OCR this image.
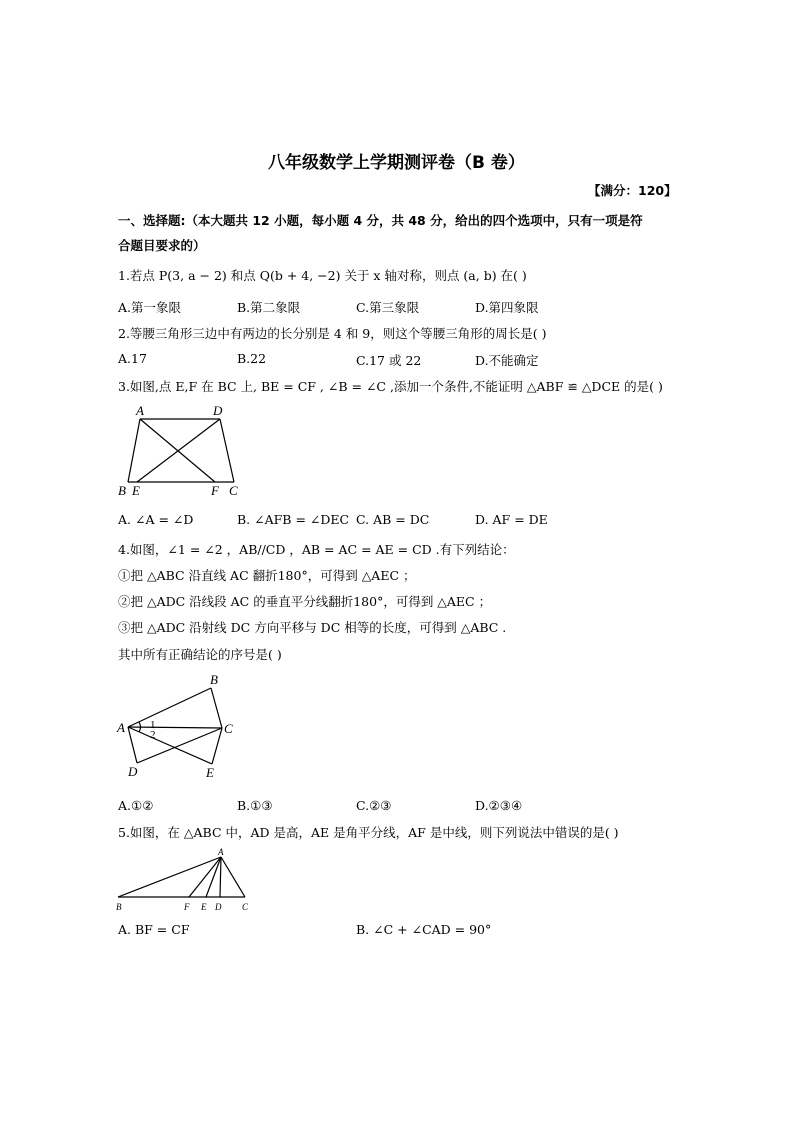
八年级数学上学期测评卷（B 卷）
【满分：120】
一、选择题:（本大题共 12 小题，每小题 4 分，共 48 分，给出的四个选项中，只有一项是符
合题目要求的）
1.若点 P(3, a − 2) 和点 Q(b + 4, −2) 关于 x 轴对称，则点 (a, b) 在( )
A.第一象限	B.第二象限	C.第三象限	D.第四象限
2.等腰三角形三边中有两边的长分别是 4 和 9，则这个等腰三角形的周长是( )
A.17	B.22	C.17 或 22	D.不能确定
3.如图,点 E,F 在 BC 上, BE = CF , ∠B = ∠C ,添加一个条件,不能证明 △ABF ≌ △DCE 的是( )
A	D
B E	F C
A. ∠A = ∠D	B. ∠AFB = ∠DEC C. AB = DC	D. AF = DE
4.如图，∠1 = ∠2 ，AB//CD ，AB = AC = AE = CD .有下列结论：
①把 △ABC 沿直线 AC 翻折180°，可得到 △AEC ；
②把 △ADC 沿线段 AC 的垂直平分线翻折180°，可得到 △AEC ；
③把 △ADC 沿射线 DC 方向平移与 DC 相等的长度，可得到 △ABC .
其中所有正确结论的序号是( )
B
A 1
2	C
D	E
A.①②	B.①③	C.②③	D.②③④
5.如图，在 △ABC 中，AD 是高，AE 是角平分线，AF 是中线，则下列说法中错误的是( )
A
B	F E D C
A. BF = CF	B. ∠C + ∠CAD = 90°
